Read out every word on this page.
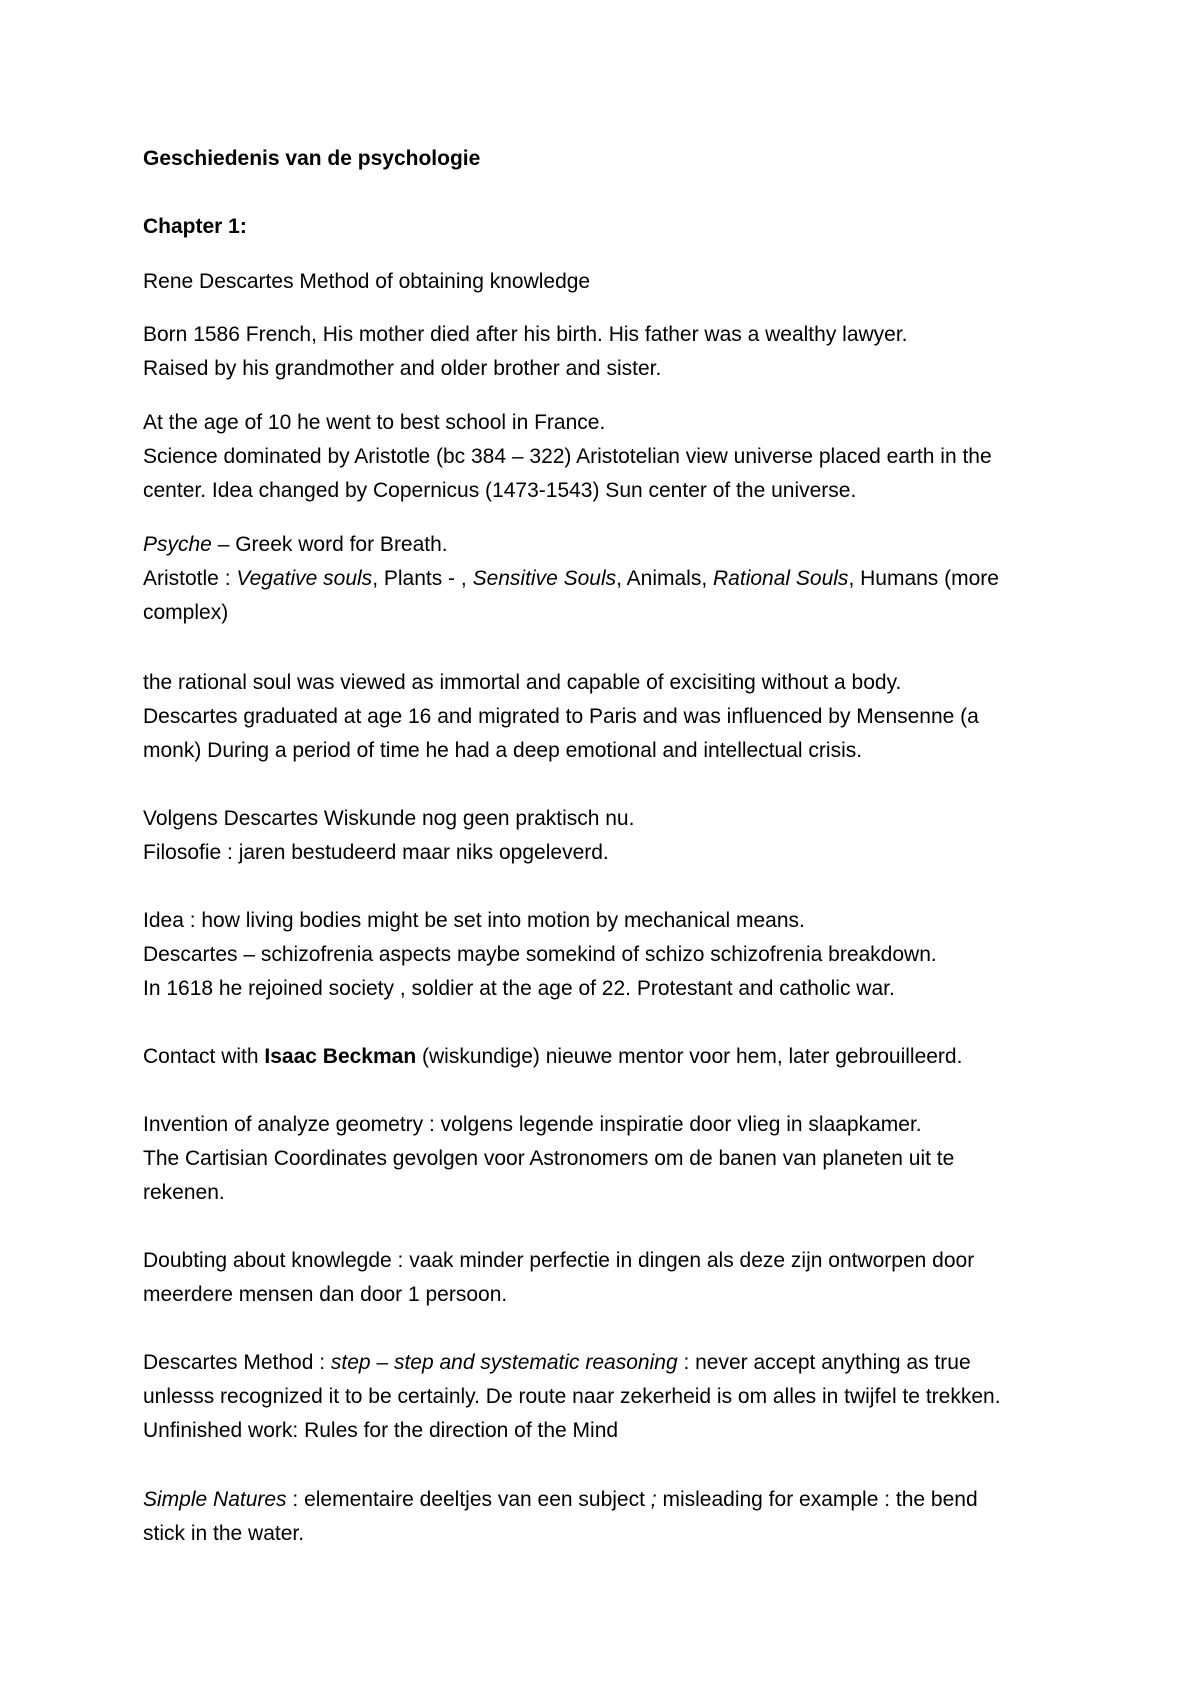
Geschiedenis van de psychologie
Chapter 1:
Rene Descartes Method of obtaining knowledge
Born 1586 French, His mother died after his birth. His father was a wealthy lawyer.
Raised by his grandmother and older brother and sister.
At the age of 10 he went to best school in France.
Science dominated by Aristotle (bc 384 – 322) Aristotelian view universe placed earth in the
center. Idea changed by Copernicus (1473-1543) Sun center of the universe.
Psyche – Greek word for Breath.
Aristotle : Vegative souls, Plants - , Sensitive Souls, Animals, Rational Souls, Humans (more
complex)
the rational soul was viewed as immortal and capable of excisiting without a body.
Descartes graduated at age 16 and migrated to Paris and was influenced by Mensenne (a
monk) During a period of time he had a deep emotional and intellectual crisis.
Volgens Descartes Wiskunde nog geen praktisch nu.
Filosofie : jaren bestudeerd maar niks opgeleverd.
Idea : how living bodies might be set into motion by mechanical means.
Descartes – schizofrenia aspects maybe somekind of schizo schizofrenia breakdown.
In 1618 he rejoined society , soldier at the age of 22. Protestant and catholic war.
Contact with Isaac Beckman (wiskundige) nieuwe mentor voor hem, later gebrouilleerd.
Invention of analyze geometry : volgens legende inspiratie door vlieg in slaapkamer.
The Cartisian Coordinates gevolgen voor Astronomers om de banen van planeten uit te
rekenen.
Doubting about knowlegde : vaak minder perfectie in dingen als deze zijn ontworpen door
meerdere mensen dan door 1 persoon.
Descartes Method : step – step and systematic reasoning : never accept anything as true
unlesss recognized it to be certainly. De route naar zekerheid is om alles in twijfel te trekken.
Unfinished work: Rules for the direction of the Mind
Simple Natures : elementaire deeltjes van een subject ; misleading for example : the bend
stick in the water.
